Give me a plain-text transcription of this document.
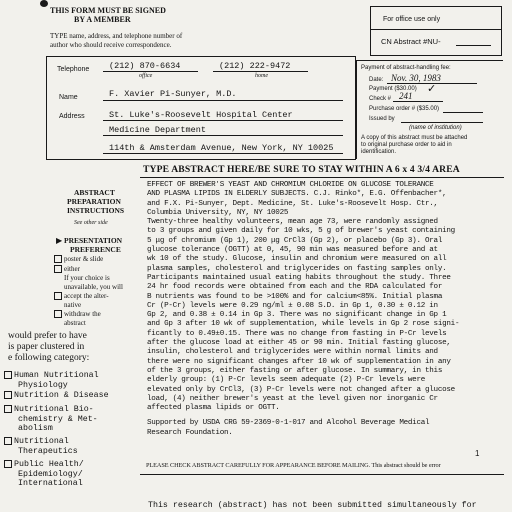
THIS FORM MUST BE SIGNED
BY A MEMBER
TYPE name, address, and telephone number of
author who should receive correspondence.
For office use only
CN Abstract #NU-
Telephone (212) 870-6634
office
(212) 222-9472
home
Name	F. Xavier Pi-Sunyer, M.D.
Address	St. Luke's-Roosevelt Hospital Center
Medicine Department
114th & Amsterdam Avenue, New York, NY 10025
Payment of abstract-handling fee:
Date: Nov. 30, 1983
Payment ($30.00) ✓
Check # 241
Purchase order # ($35.00)
Issued by
(name of institution)
A copy of this abstract must be attached
to original purchase order to aid in
identification.
TYPE ABSTRACT HERE/BE SURE TO STAY WITHIN A 6 x 4 3/4 AREA
ABSTRACT
PREPARATION
INSTRUCTIONS
See other side
PRESENTATION
▶
PREFERENCE
poster & slide
either
If your choice is
unavailable, you will
accept the alter-
native
withdraw the
abstract
would prefer to have
is paper clustered in
e following category:
Human Nutritional
Physiology
Nutrition & Disease
Nutritional Bio-
chemistry & Met-
abolism
Nutritional
Therapeutics
Public Health/
Epidemiology/
International
EFFECT OF BREWER'S YEAST AND CHROMIUM CHLORIDE ON GLUCOSE TOLERANCE
AND PLASMA LIPIDS IN ELDERLY SUBJECTS. C.J. Rinko*, E.G. Offenbacher*,
and F.X. Pi-Sunyer, Dept. Medicine, St. Luke's-Roosevelt Hosp. Ctr.,
Columbia University, NY, NY 10025
Twenty-three healthy volunteers, mean age 73, were randomly assigned
to 3 groups and given daily for 10 wks, 5 g of brewer's yeast containing
5 μg of chromium (Gp 1), 200 μg CrCl3 (Gp 2), or placebo (Gp 3). Oral
glucose tolerance (OGTT) at 0, 45, 90 min was measured before and at
wk 10 of the study. Glucose, insulin and chromium were measured on all
plasma samples, cholesterol and triglycerides on fasting samples only.
Participants maintained usual eating habits throughout the study. Three
24 hr food records were obtained from each and the RDA calculated for
B nutrients was found to be >100% and for calcium<85%. Initial plasma
Cr (P-Cr) levels were 0.29 ng/ml ± 0.08 S.D. in Gp 1, 0.30 ± 0.12 in
Gp 2, and 0.38 ± 0.14 in Gp 3. There was no significant change in Gp 1
and Gp 3 after 10 wk of supplementation, while levels in Gp 2 rose signi-
ficantly to 0.49±0.15. There was no change from fasting in P-Cr levels
after the glucose load at either 45 or 90 min. Initial fasting glucose,
insulin, cholesterol and triglycerides were within normal limits and
there were no significant changes after 10 wk of supplementation in any
of the 3 groups, either fasting or after glucose. In summary, in this
elderly group: (1) P-Cr levels seem adequate (2) P-Cr levels were
elevated only by CrCl3, (3) P-Cr levels were not changed after a glucose
load, (4) neither brewer's yeast at the level given nor inorganic Cr
affected plasma lipids or OGTT.
Supported by USDA CRG 59-2369-0-1-017 and Alcohol Beverage Medical
Research Foundation.
1
PLEASE CHECK ABSTRACT CAREFULLY FOR APPEARANCE BEFORE MAILING. This abstract should be error
This research (abstract) has not been submitted simultaneously for
